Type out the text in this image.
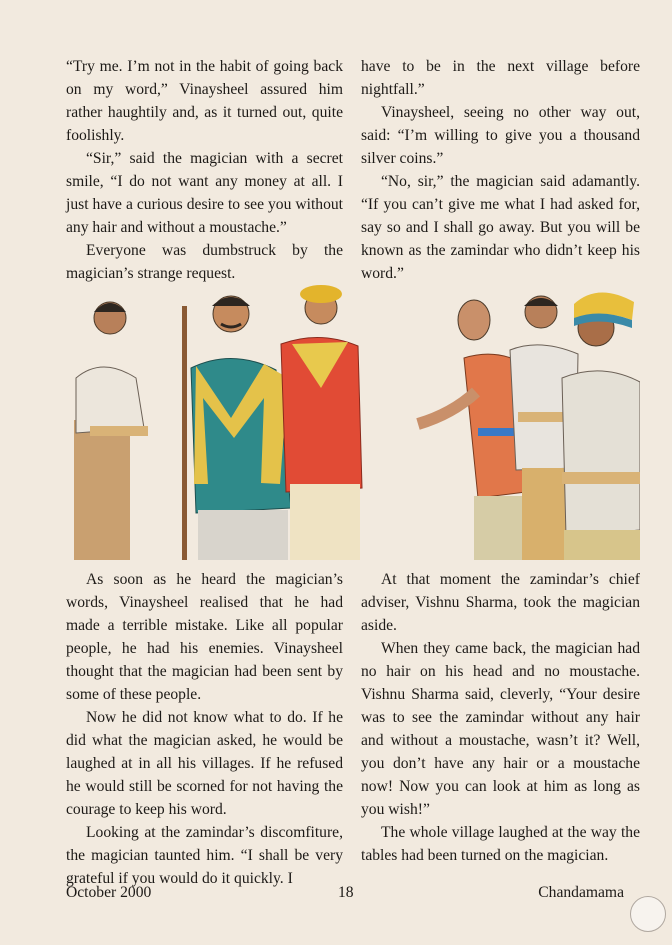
“Try me. I’m not in the habit of going back on my word,” Vinaysheel assured him rather haughtily and, as it turned out, quite foolishly.

“Sir,” said the magician with a secret smile, “I do not want any money at all. I just have a curious desire to see you without any hair and without a moustache.”

Everyone was dumbstruck by the magician’s strange request.

have to be in the next village before nightfall.”

Vinaysheel, seeing no other way out, said: “I’m willing to give you a thousand silver coins.”

“No, sir,” the magician said adamantly. “If you can’t give me what I had asked for, say so and I shall go away. But you will be known as the zamindar who didn’t keep his word.”

As soon as he heard the magician’s words, Vinaysheel realised that he had made a terrible mistake. Like all popular people, he had his enemies. Vinaysheel thought that the magician had been sent by some of these people.

Now he did not know what to do. If he did what the magician asked, he would be laughed at in all his villages. If he refused he would still be scorned for not having the courage to keep his word.

Looking at the zamindar’s discomfiture, the magician taunted him. “I shall be very grateful if you would do it quickly. I

At that moment the zamindar’s chief adviser, Vishnu Sharma, took the magician aside.

When they came back, the magician had no hair on his head and no moustache. Vishnu Sharma said, cleverly, “Your desire was to see the zamindar without any hair and without a moustache, wasn’t it? Well, you don’t have any hair or a moustache now! Now you can look at him as long as you wish!”

The whole village laughed at the way the tables had been turned on the magician.

October 2000	18	Chandamama
